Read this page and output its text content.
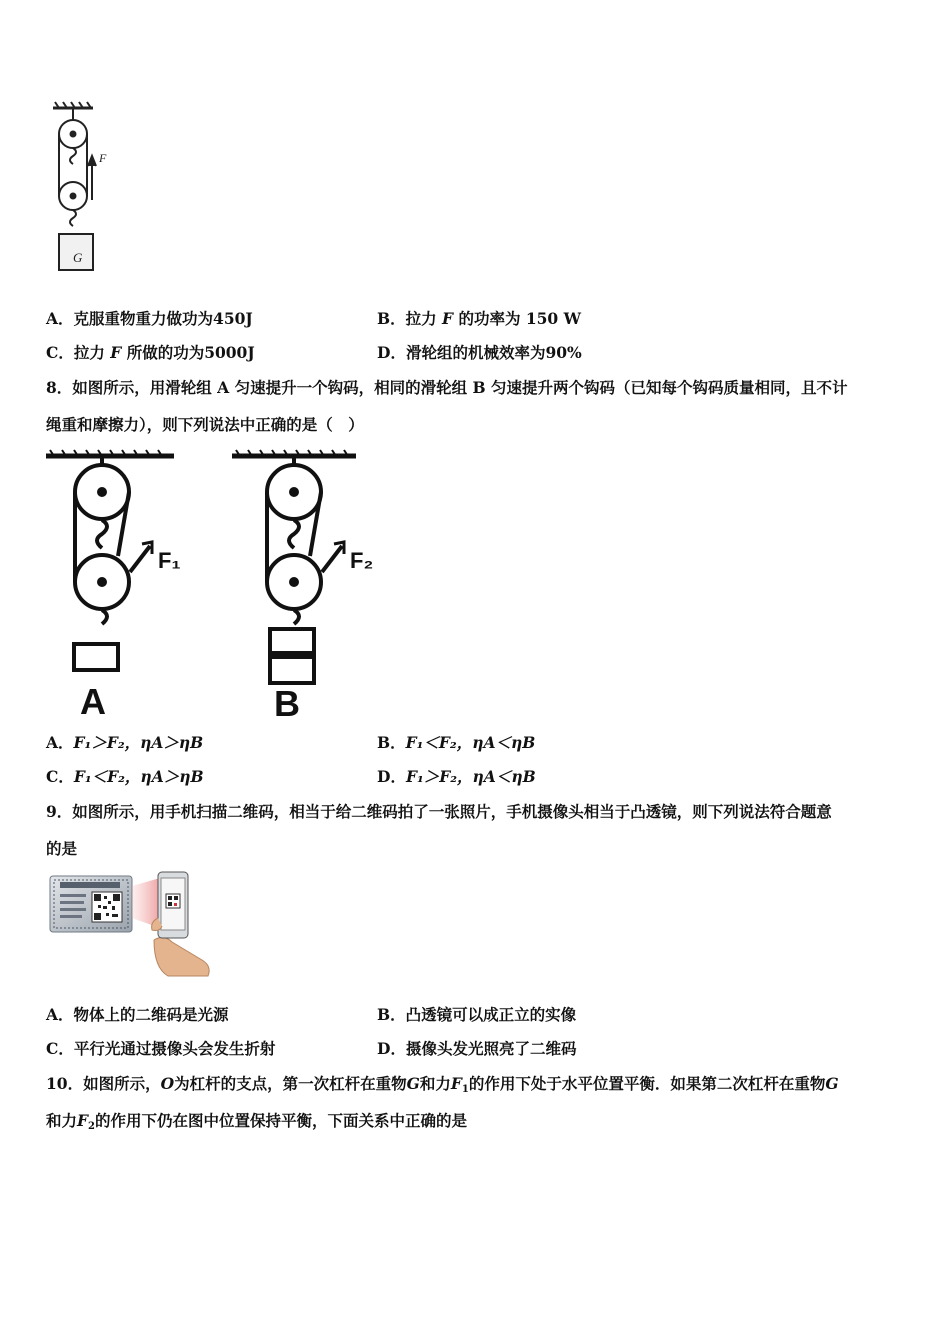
F
G
A．克服重物重力做功为450J	B．拉力 F 的功率为 150 W
C．拉力 F 所做的功为5000J	D．滑轮组的机械效率为90%
8．如图所示，用滑轮组 A 匀速提升一个钩码，相同的滑轮组 B 匀速提升两个钩码（已知每个钩码质量相同，且不计
绳重和摩擦力），则下列说法中正确的是（　）
F₁	F₂
A	B
A．F₁＞F₂，ηA＞ηB	B．F₁＜F₂，ηA＜ηB
C．F₁＜F₂，ηA＞ηB	D．F₁＞F₂，ηA＜ηB
9．如图所示，用手机扫描二维码，相当于给二维码拍了一张照片，手机摄像头相当于凸透镜，则下列说法符合题意
的是
A．物体上的二维码是光源	B．凸透镜可以成正立的实像
C．平行光通过摄像头会发生折射	D．摄像头发光照亮了二维码
10．如图所示，O为杠杆的支点，第一次杠杆在重物G和力$F_1$的作用下处于水平位置平衡．如果第二次杠杆在重物G
和力$F_2$的作用下仍在图中位置保持平衡，下面关系中正确的是
